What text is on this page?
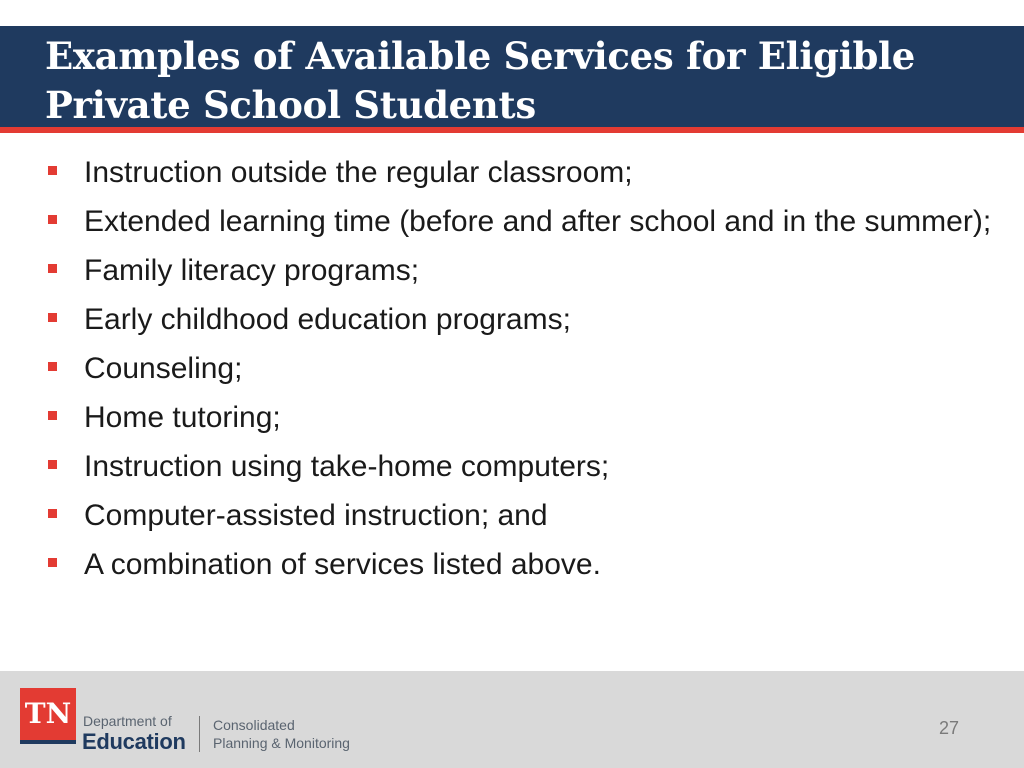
Examples of Available Services for Eligible Private School Students
Instruction outside the regular classroom;
Extended learning time (before and after school and in the summer);
Family literacy programs;
Early childhood education programs;
Counseling;
Home tutoring;
Instruction using take-home computers;
Computer-assisted instruction; and
A combination of services listed above.
TN Department of
Education
Consolidated
Planning & Monitoring
27
